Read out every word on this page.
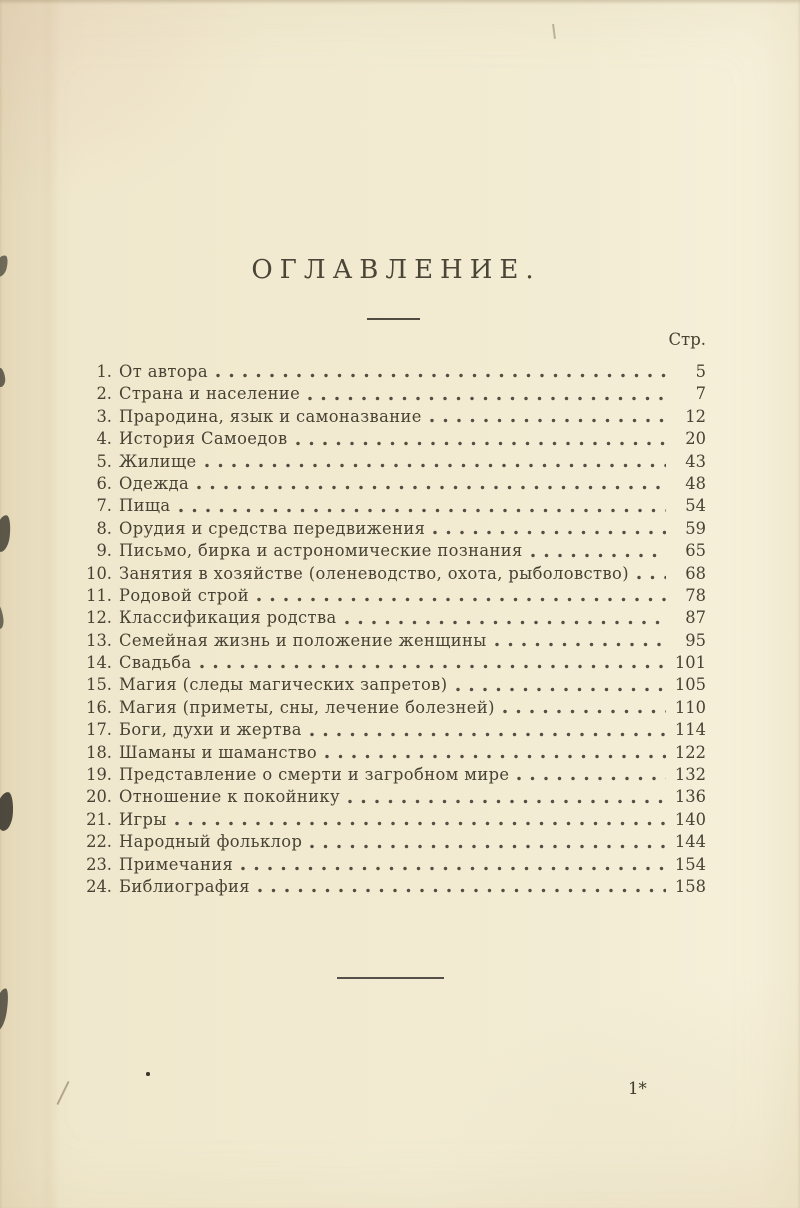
ОГЛАВЛЕНИЕ.
Стр.
1. От автора	5
2. Страна и население	7
3. Прародина, язык и самоназвание	12
4. История Самоедов	20
5. Жилище	43
6. Одежда	48
7. Пища	54
8. Орудия и средства передвижения	59
9. Письмо, бирка и астрономические познания	65
10. Занятия в хозяйстве (оленеводство, охота, рыболовство)	68
11. Родовой строй	78
12. Классификация родства	87
13. Семейная жизнь и положение женщины	95
14. Свадьба	101
15. Магия (следы магических запретов)	105
16. Магия (приметы, сны, лечение болезней)	110
17. Боги, духи и жертва	114
18. Шаманы и шаманство	122
19. Представление о смерти и загробном мире	132
20. Отношение к покойнику	136
21. Игры	140
22. Народный фольклор	144
23. Примечания	154
24. Библиография	158
1*
